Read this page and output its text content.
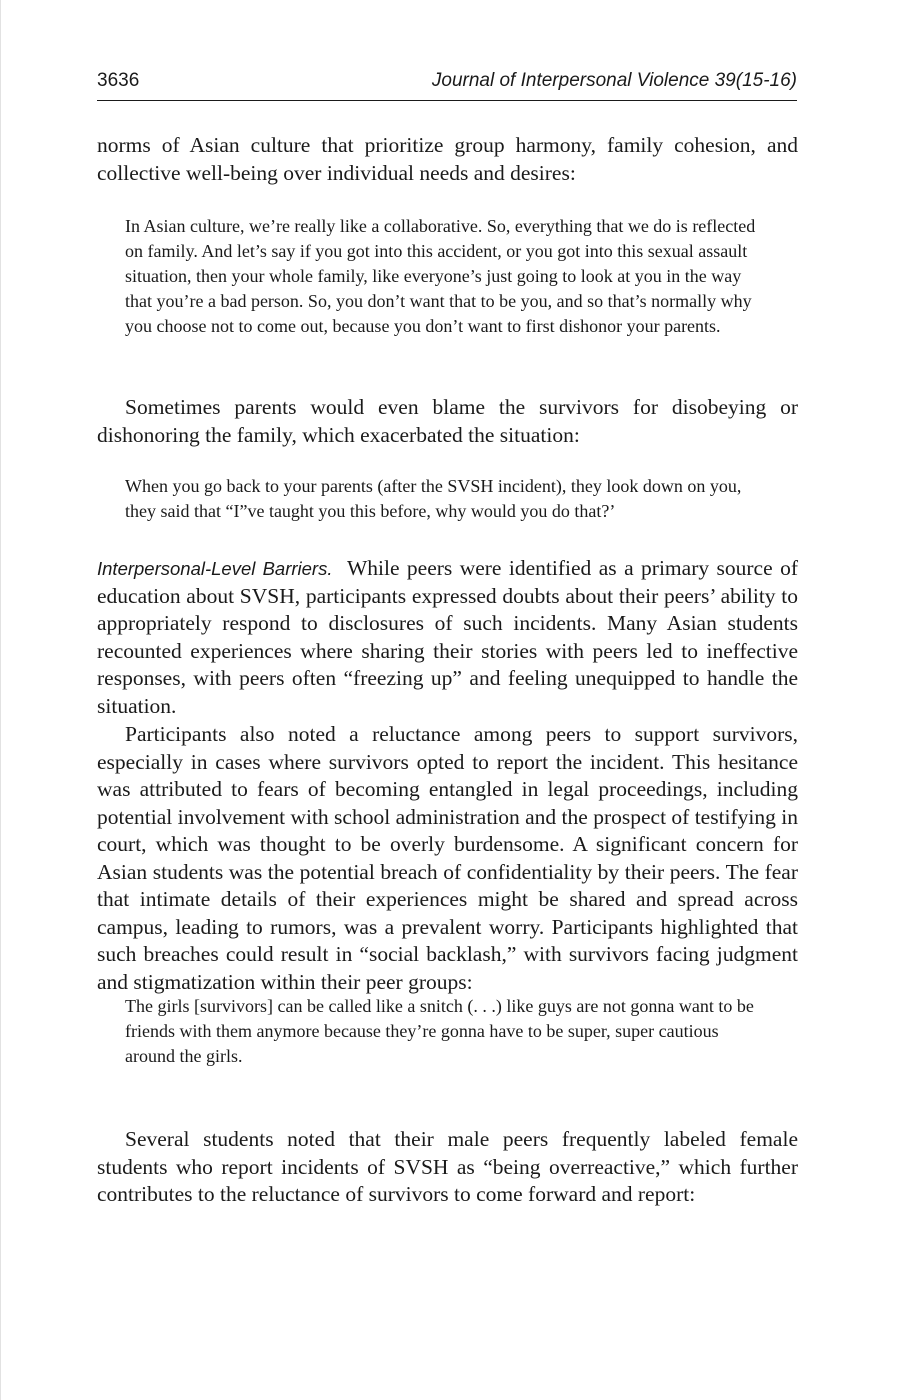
3636	Journal of Interpersonal Violence 39(15-16)

norms of Asian culture that prioritize group harmony, family cohesion, and collective well-being over individual needs and desires:

In Asian culture, we’re really like a collaborative. So, everything that we do is reflected on family. And let’s say if you got into this accident, or you got into this sexual assault situation, then your whole family, like everyone’s just going to look at you in the way that you’re a bad person. So, you don’t want that to be you, and so that’s normally why you choose not to come out, because you don’t want to first dishonor your parents.

Sometimes parents would even blame the survivors for disobeying or dishonoring the family, which exacerbated the situation:

When you go back to your parents (after the SVSH incident), they look down on you, they said that “I”ve taught you this before, why would you do that?’

Interpersonal-Level Barriers. While peers were identified as a primary source of education about SVSH, participants expressed doubts about their peers’ ability to appropriately respond to disclosures of such incidents. Many Asian students recounted experiences where sharing their stories with peers led to ineffective responses, with peers often “freezing up” and feeling unequipped to handle the situation.

Participants also noted a reluctance among peers to support survivors, especially in cases where survivors opted to report the incident. This hesitance was attributed to fears of becoming entangled in legal proceedings, including potential involvement with school administration and the prospect of testifying in court, which was thought to be overly burdensome. A significant concern for Asian students was the potential breach of confidentiality by their peers. The fear that intimate details of their experiences might be shared and spread across campus, leading to rumors, was a prevalent worry. Participants highlighted that such breaches could result in “social backlash,” with survivors facing judgment and stigmatization within their peer groups:

The girls [survivors] can be called like a snitch (. . .) like guys are not gonna want to be friends with them anymore because they’re gonna have to be super, super cautious around the girls.

Several students noted that their male peers frequently labeled female students who report incidents of SVSH as “being overreactive,” which further contributes to the reluctance of survivors to come forward and report:
